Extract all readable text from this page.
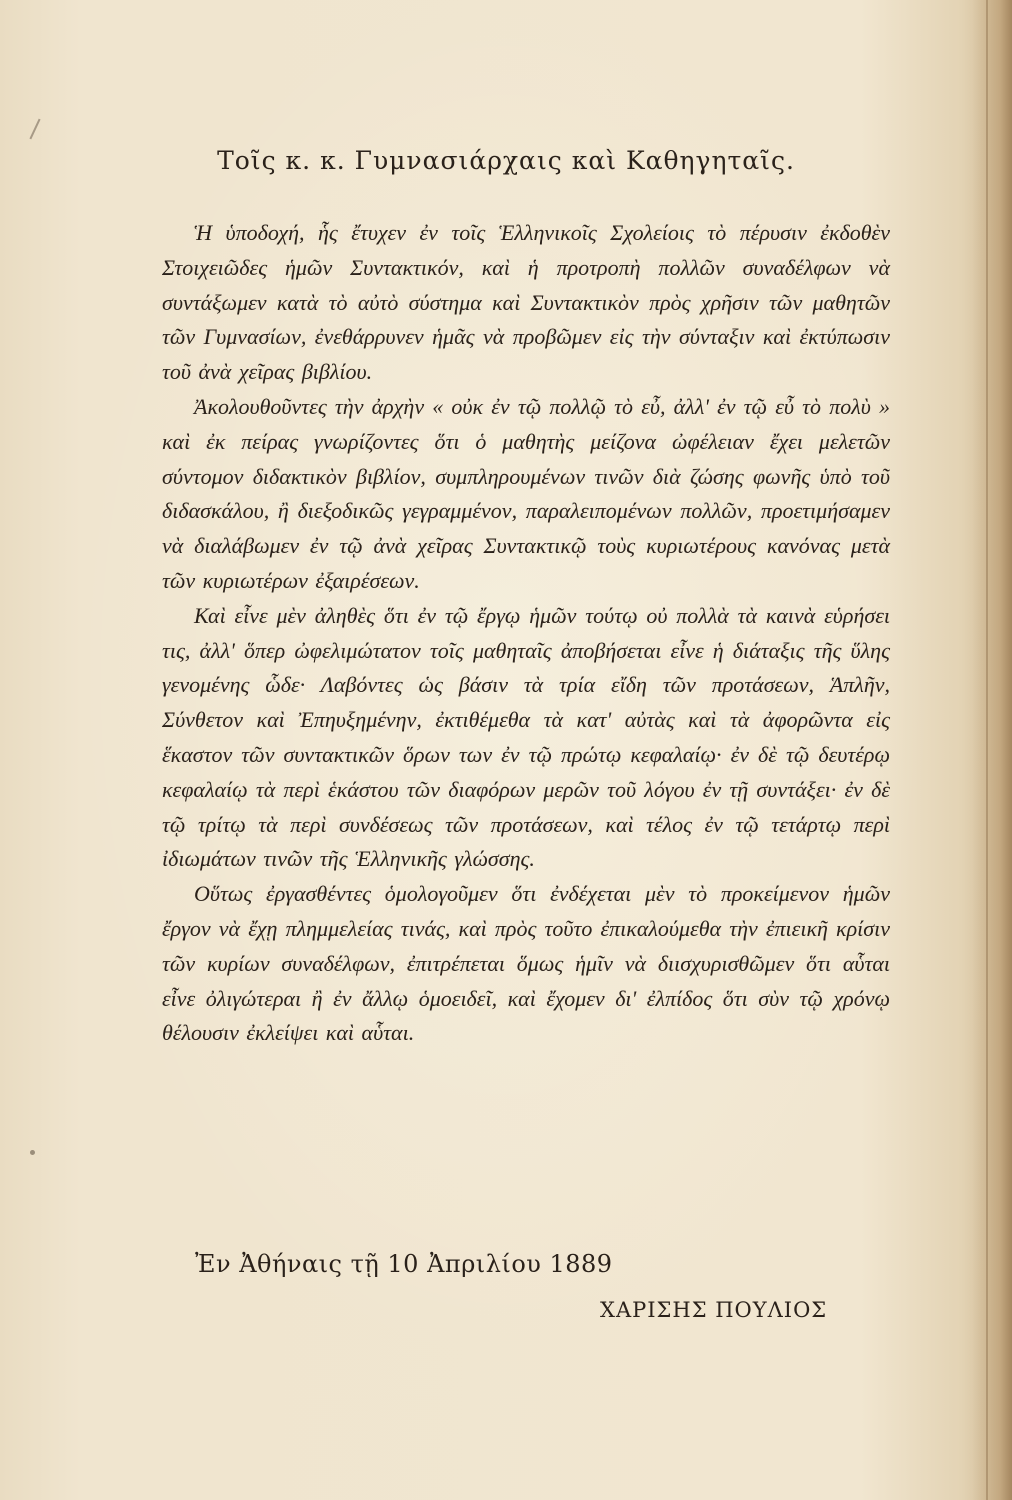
Τοῖς κ. κ. Γυμνασιάρχαις καὶ Καθηγηταῖς.

Ἡ ὑποδοχή, ἧς ἔτυχεν ἐν τοῖς Ἑλληνικοῖς Σχολείοις τὸ πέρυσιν ἐκδοθὲν Στοιχειῶδες ἡμῶν Συντακτικόν, καὶ ἡ προτροπὴ πολλῶν συναδέλφων νὰ συντάξωμεν κατὰ τὸ αὐτὸ σύστημα καὶ Συντακτικὸν πρὸς χρῆσιν τῶν μαθητῶν τῶν Γυμνασίων, ἐνεθάρρυνεν ἡμᾶς νὰ προβῶμεν εἰς τὴν σύνταξιν καὶ ἐκτύπωσιν τοῦ ἀνὰ χεῖρας βιβλίου.

Ἀκολουθοῦντες τὴν ἀρχὴν « οὐκ ἐν τῷ πολλῷ τὸ εὖ, ἀλλ' ἐν τῷ εὖ τὸ πολὺ » καὶ ἐκ πείρας γνωρίζοντες ὅτι ὁ μαθητὴς μείζονα ὠφέλειαν ἔχει μελετῶν σύντομον διδακτικὸν βιβλίον, συμπληρουμένων τινῶν διὰ ζώσης φωνῆς ὑπὸ τοῦ διδασκάλου, ἢ διεξοδικῶς γεγραμμένον, παραλειπομένων πολλῶν, προετιμήσαμεν νὰ διαλάβωμεν ἐν τῷ ἀνὰ χεῖρας Συντακτικῷ τοὺς κυριωτέρους κανόνας μετὰ τῶν κυριωτέρων ἐξαιρέσεων.

Καὶ εἶνε μὲν ἀληθὲς ὅτι ἐν τῷ ἔργῳ ἡμῶν τούτῳ οὐ πολλὰ τὰ καινὰ εὑρήσει τις, ἀλλ' ὅπερ ὠφελιμώτατον τοῖς μαθηταῖς ἀποβήσεται εἶνε ἡ διάταξις τῆς ὕλης γενομένης ὧδε· Λαβόντες ὡς βάσιν τὰ τρία εἴδη τῶν προτάσεων, Ἁπλῆν, Σύνθετον καὶ Ἐπηυξημένην, ἐκτιθέμεθα τὰ κατ' αὐτὰς καὶ τὰ ἀφορῶντα εἰς ἕκαστον τῶν συντακτικῶν ὅρων των ἐν τῷ πρώτῳ κεφαλαίῳ· ἐν δὲ τῷ δευτέρῳ κεφαλαίῳ τὰ περὶ ἑκάστου τῶν διαφόρων μερῶν τοῦ λόγου ἐν τῇ συντάξει· ἐν δὲ τῷ τρίτῳ τὰ περὶ συνδέσεως τῶν προτάσεων, καὶ τέλος ἐν τῷ τετάρτῳ περὶ ἰδιωμάτων τινῶν τῆς Ἑλληνικῆς γλώσσης.

Οὕτως ἐργασθέντες ὁμολογοῦμεν ὅτι ἐνδέχεται μὲν τὸ προκείμενον ἡμῶν ἔργον νὰ ἔχῃ πλημμελείας τινάς, καὶ πρὸς τοῦτο ἐπικαλούμεθα τὴν ἐπιεικῆ κρίσιν τῶν κυρίων συναδέλφων, ἐπιτρέπεται ὅμως ἡμῖν νὰ διισχυρισθῶμεν ὅτι αὗται εἶνε ὀλιγώτεραι ἢ ἐν ἄλλῳ ὁμοειδεῖ, καὶ ἔχομεν δι' ἐλπίδος ὅτι σὺν τῷ χρόνῳ θέλουσιν ἐκλείψει καὶ αὗται.

Ἐν Ἀθήναις τῇ 10 Ἀπριλίου 1889
ΧΑΡΙΣΗΣ ΠΟΥΛΙΟΣ
